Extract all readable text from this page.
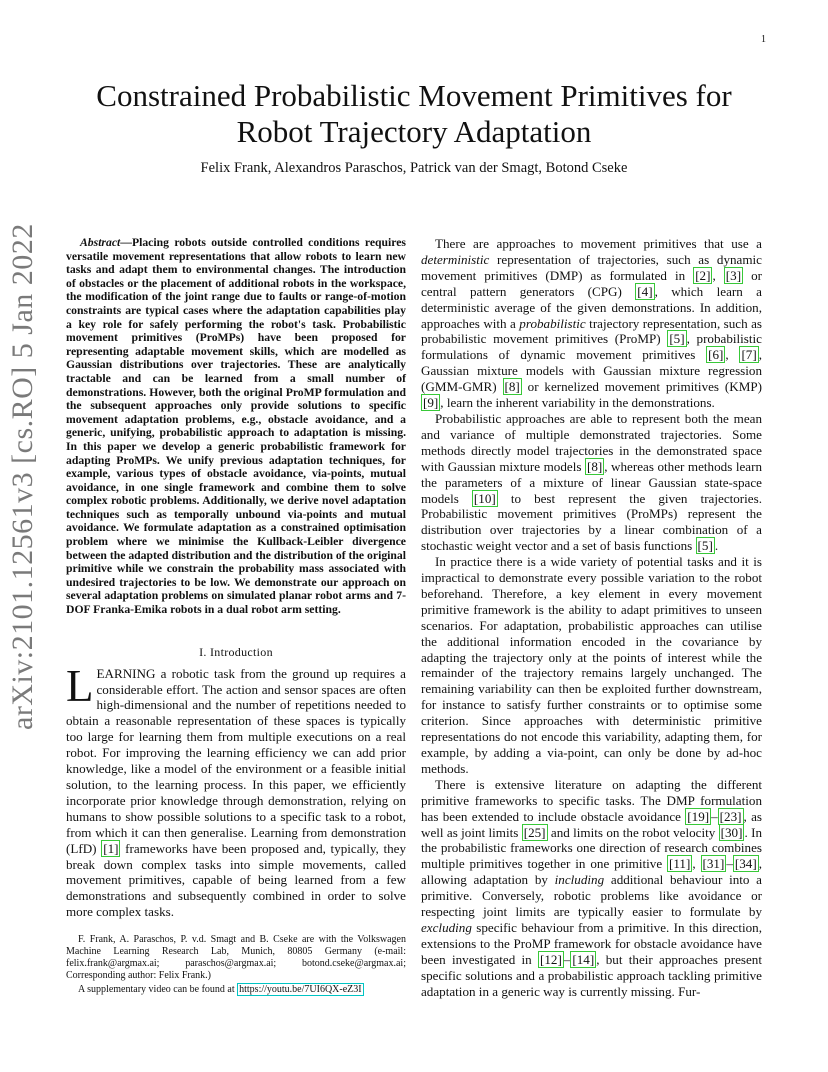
1
arXiv:2101.12561v3 [cs.RO] 5 Jan 2022
Constrained Probabilistic Movement Primitives for
Robot Trajectory Adaptation
Felix Frank, Alexandros Paraschos, Patrick van der Smagt, Botond Cseke

Abstract—Placing robots outside controlled conditions requires versatile movement representations that allow robots to learn new tasks and adapt them to environmental changes. The introduction of obstacles or the placement of additional robots in the workspace, the modification of the joint range due to faults or range-of-motion constraints are typical cases where the adaptation capabilities play a key role for safely performing the robot's task. Probabilistic movement primitives (ProMPs) have been proposed for representing adaptable movement skills, which are modelled as Gaussian distributions over trajectories. These are analytically tractable and can be learned from a small number of demonstrations. However, both the original ProMP formulation and the subsequent approaches only provide solutions to specific movement adaptation problems, e.g., obstacle avoidance, and a generic, unifying, probabilistic approach to adaptation is missing. In this paper we develop a generic probabilistic framework for adapting ProMPs. We unify previous adaptation techniques, for example, various types of obstacle avoidance, via-points, mutual avoidance, in one single framework and combine them to solve complex robotic problems. Additionally, we derive novel adaptation techniques such as temporally unbound via-points and mutual avoidance. We formulate adaptation as a constrained optimisation problem where we minimise the Kullback-Leibler divergence between the adapted distribution and the distribution of the original primitive while we constrain the probability mass associated with undesired trajectories to be low. We demonstrate our approach on several adaptation problems on simulated planar robot arms and 7-DOF Franka-Emika robots in a dual robot arm setting.

I. Introduction

LEARNING a robotic task from the ground up requires a considerable effort. The action and sensor spaces are often high-dimensional and the number of repetitions needed to obtain a reasonable representation of these spaces is typically too large for learning them from multiple executions on a real robot. For improving the learning efficiency we can add prior knowledge, like a model of the environment or a feasible initial solution, to the learning process. In this paper, we efficiently incorporate prior knowledge through demonstration, relying on humans to show possible solutions to a specific task to a robot, from which it can then generalise. Learning from demonstration (LfD) [1] frameworks have been proposed and, typically, they break down complex tasks into simple movements, called movement primitives, capable of being learned from a few demonstrations and subsequently combined in order to solve more complex tasks.

F. Frank, A. Paraschos, P. v.d. Smagt and B. Cseke are with the Volkswagen Machine Learning Research Lab, Munich, 80805 Germany (e-mail: felix.frank@argmax.ai; paraschos@argmax.ai; botond.cseke@argmax.ai; Corresponding author: Felix Frank.)

A supplementary video can be found at https://youtu.be/7UI6QX-eZ3I

There are approaches to movement primitives that use a deterministic representation of trajectories, such as dynamic movement primitives (DMP) as formulated in [2] , [3] or central pattern generators (CPG) [4] , which learn a deterministic average of the given demonstrations. In addition, approaches with a probabilistic trajectory representation, such as probabilistic movement primitives (ProMP) [5] , probabilistic formulations of dynamic movement primitives [6] , [7] , Gaussian mixture models with Gaussian mixture regression (GMM-GMR) [8] or kernelized movement primitives (KMP) [9] , learn the inherent variability in the demonstrations.

Probabilistic approaches are able to represent both the mean and variance of multiple demonstrated trajectories. Some methods directly model trajectories in the demonstrated space with Gaussian mixture models [8] , whereas other methods learn the parameters of a mixture of linear Gaussian state-space models [10] to best represent the given trajectories. Probabilistic movement primitives (ProMPs) represent the distribution over trajectories by a linear combination of a stochastic weight vector and a set of basis functions [5] .

In practice there is a wide variety of potential tasks and it is impractical to demonstrate every possible variation to the robot beforehand. Therefore, a key element in every movement primitive framework is the ability to adapt primitives to unseen scenarios. For adaptation, probabilistic approaches can utilise the additional information encoded in the covariance by adapting the trajectory only at the points of interest while the remainder of the trajectory remains largely unchanged. The remaining variability can then be exploited further downstream, for instance to satisfy further constraints or to optimise some criterion. Since approaches with deterministic primitive representations do not encode this variability, adapting them, for example, by adding a via-point, can only be done by ad-hoc methods.

There is extensive literature on adapting the different primitive frameworks to specific tasks. The DMP formulation has been extended to include obstacle avoidance [19] – [23] , as well as joint limits [25] and limits on the robot velocity [30] . In the probabilistic frameworks one direction of research combines multiple primitives together in one primitive [11] , [31] – [34] , allowing adaptation by including additional behaviour into a primitive. Conversely, robotic problems like avoidance or respecting joint limits are typically easier to formulate by excluding specific behaviour from a primitive. In this direction, extensions to the ProMP framework for obstacle avoidance have been investigated in [12] – [14] , but their approaches present specific solutions and a probabilistic approach tackling primitive adaptation in a generic way is currently missing. Fur-
